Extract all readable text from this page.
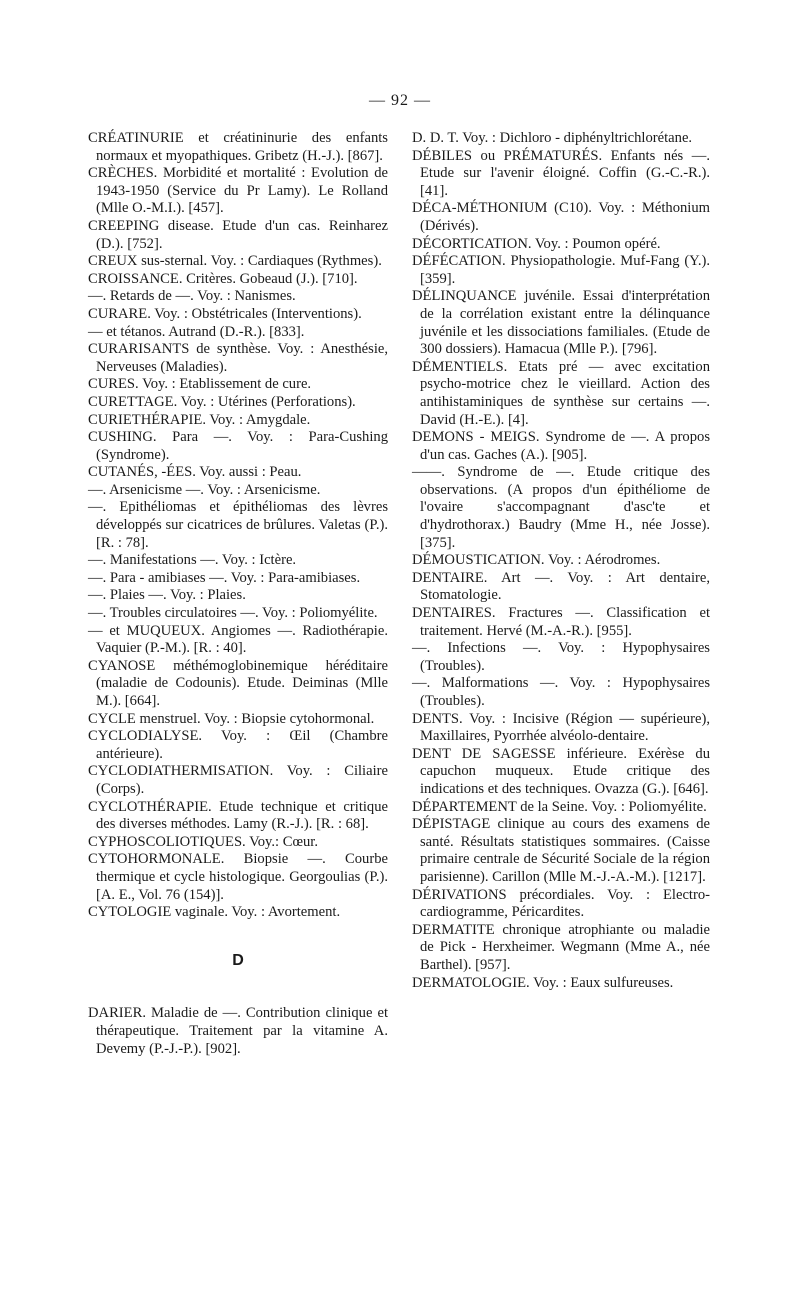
— 92 —

CRÉATINURIE et créatininurie des enfants normaux et myopathiques. Gribetz (H.-J.). [867].

CRÈCHES. Morbidité et mortalité : Evolution de 1943-1950 (Service du Pr Lamy). Le Rolland (Mlle O.-M.I.). [457].

CREEPING disease. Etude d'un cas. Reinharez (D.). [752].

CREUX sus-sternal. Voy. : Cardiaques (Rythmes).

CROISSANCE. Critères. Gobeaud (J.). [710].

—. Retards de —. Voy. : Nanismes.

CURARE. Voy. : Obstétricales (Interventions).

— et tétanos. Autrand (D.-R.). [833].

CURARISANTS de synthèse. Voy. : Anesthésie, Nerveuses (Maladies).

CURES. Voy. : Etablissement de cure.

CURETTAGE. Voy. : Utérines (Perforations).

CURIETHÉRAPIE. Voy. : Amygdale.

CUSHING. Para —. Voy. : Para-Cushing (Syndrome).

CUTANÉS, -ÉES. Voy. aussi : Peau.

—. Arsenicisme —. Voy. : Arsenicisme.

—. Epithéliomas et épithéliomas des lèvres développés sur cicatrices de brûlures. Valetas (P.). [R. : 78].

—. Manifestations —. Voy. : Ictère.

—. Para - amibiases —. Voy. : Para-amibiases.

—. Plaies —. Voy. : Plaies.

—. Troubles circulatoires —. Voy. : Poliomyélite.

— et MUQUEUX. Angiomes —. Radiothérapie. Vaquier (P.-M.). [R. : 40].

CYANOSE méthémoglobinemique héréditaire (maladie de Codounis). Etude. Deiminas (Mlle M.). [664].

CYCLE menstruel. Voy. : Biopsie cytohormonal.

CYCLODIALYSE. Voy. : Œil (Chambre antérieure).

CYCLODIATHERMISATION. Voy. : Ciliaire (Corps).

CYCLOTHÉRAPIE. Etude technique et critique des diverses méthodes. Lamy (R.-J.). [R. : 68].

CYPHOSCOLIOTIQUES. Voy.: Cœur.

CYTOHORMONALE. Biopsie —. Courbe thermique et cycle histologique. Georgoulias (P.). [A. E., Vol. 76 (154)].

CYTOLOGIE vaginale. Voy. : Avortement.

D

DARIER. Maladie de —. Contribution clinique et thérapeutique. Traitement par la vitamine A. Devemy (P.-J.-P.). [902].

D. D. T. Voy. : Dichloro - diphényltrichlorétane.

DÉBILES ou PRÉMATURÉS. Enfants nés —. Etude sur l'avenir éloigné. Coffin (G.-C.-R.). [41].

DÉCA-MÉTHONIUM (C10). Voy. : Méthonium (Dérivés).

DÉCORTICATION. Voy. : Poumon opéré.

DÉFÉCATION. Physiopathologie. Muf-Fang (Y.). [359].

DÉLINQUANCE juvénile. Essai d'interprétation de la corrélation existant entre la délinquance juvénile et les dissociations familiales. (Etude de 300 dossiers). Hamacua (Mlle P.). [796].

DÉMENTIELS. Etats pré — avec excitation psycho-motrice chez le vieillard. Action des antihistaminiques de synthèse sur certains —. David (H.-E.). [4].

DEMONS - MEIGS. Syndrome de —. A propos d'un cas. Gaches (A.). [905].

——. Syndrome de —. Etude critique des observations. (A propos d'un épithéliome de l'ovaire s'accompagnant d'asc'te et d'hydrothorax.) Baudry (Mme H., née Josse). [375].

DÉMOUSTICATION. Voy. : Aérodromes.

DENTAIRE. Art —. Voy. : Art dentaire, Stomatologie.

DENTAIRES. Fractures —. Classification et traitement. Hervé (M.-A.-R.). [955].

—. Infections —. Voy. : Hypophysaires (Troubles).

—. Malformations —. Voy. : Hypophysaires (Troubles).

DENTS. Voy. : Incisive (Région — supérieure), Maxillaires, Pyorrhée alvéolo-dentaire.

DENT DE SAGESSE inférieure. Exérèse du capuchon muqueux. Etude critique des indications et des techniques. Ovazza (G.). [646].

DÉPARTEMENT de la Seine. Voy. : Poliomyélite.

DÉPISTAGE clinique au cours des examens de santé. Résultats statistiques sommaires. (Caisse primaire centrale de Sécurité Sociale de la région parisienne). Carillon (Mlle M.-J.-A.-M.). [1217].

DÉRIVATIONS précordiales. Voy. : Electro-cardiogramme, Péricardites.

DERMATITE chronique atrophiante ou maladie de Pick - Herxheimer. Wegmann (Mme A., née Barthel). [957].

DERMATOLOGIE. Voy. : Eaux sulfureuses.
